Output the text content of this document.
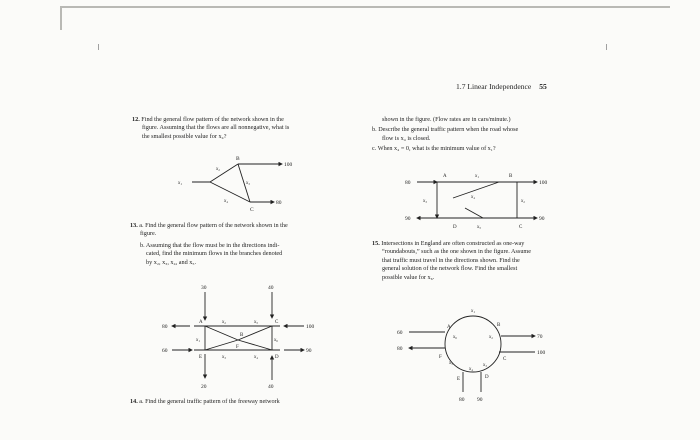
1.7 Linear Independence 55

12. Find the general flow pattern of the network shown in the

figure. Assuming that the flows are all nonnegative, what is

the smallest possible value for x₄?

100
B
C
x₁
x₂
x₃
x₄	80

13. a. Find the general flow pattern of the network shown in the

figure.

b. Assuming that the flow must be in the directions indi-

cated, find the minimum flows in the branches denoted

by x₂, x₃, x₄, and x₅.

30	40
80
60
100
90
20	40
A
B
C
D
E
F
x₂	x₅
x₁	x₆
x₃	x₄

14. a. Find the general traffic pattern of the freeway network

shown in the figure. (Flow rates are in cars/minute.)

b. Describe the general traffic pattern when the road whose

flow is x₄ is closed.

c. When x₄ = 0, what is the minimum value of x₁?

80	100
90	90
A	B
C
D
x₁
x₂
x₃
x₄
x₅

15. Intersections in England are often constructed as one-way

“roundabouts,” such as the one shown in the figure. Assume

that traffic must travel in the directions shown. Find the

general solution of the network flow. Find the smallest

possible value for x₆.

60
80
70
100
80 90
A	B
C
D
E
F
x₁
x₂
x₃
x₄
x₅
x₆
